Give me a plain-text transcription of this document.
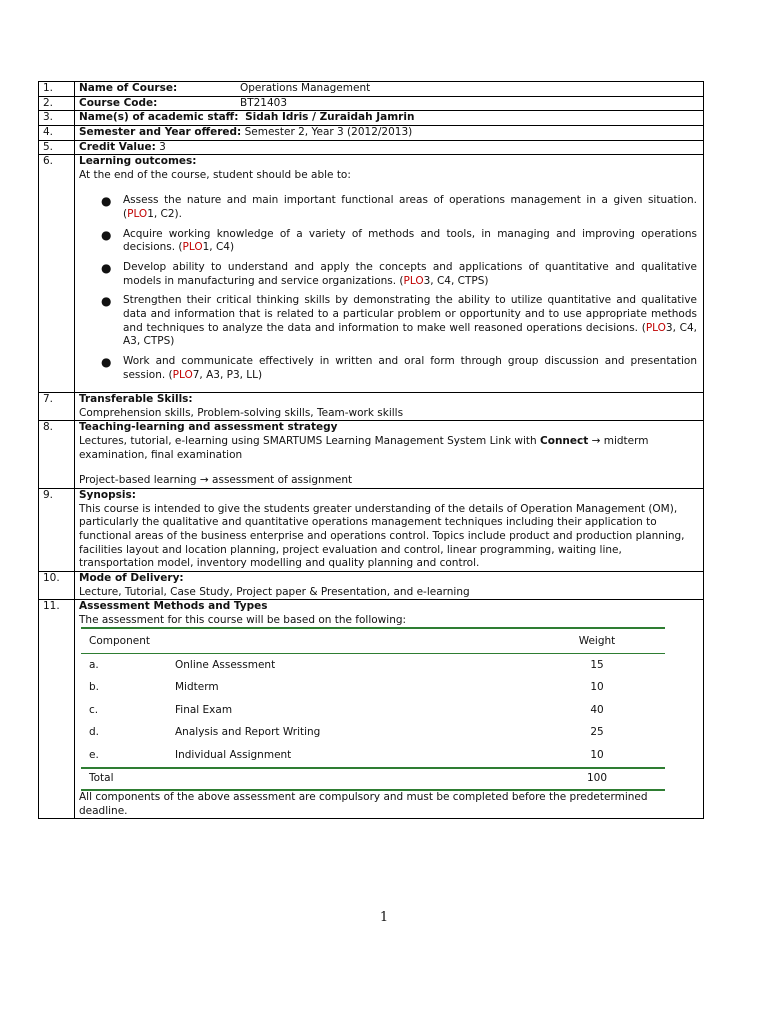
1.	Name of Course:	Operations Management

2.	Course Code:	BT21403

3.	Name(s) of academic staff: Sidah Idris / Zuraidah Jamrin
4.	Semester and Year offered: Semester 2, Year 3 (2012/2013)
5.	Credit Value: 3
6.	Learning outcomes:
At the end of the course, student should be able to:
● Assess the nature and main important functional areas of operations management in a given situation. (PLO1, C2).
● Acquire working knowledge of a variety of methods and tools, in managing and improving operations decisions. (PLO1, C4)
● Develop ability to understand and apply the concepts and applications of quantitative and qualitative models in manufacturing and service organizations. (PLO3, C4, CTPS)
● Strengthen their critical thinking skills by demonstrating the ability to utilize quantitative and qualitative data and information that is related to a particular problem or opportunity and to use appropriate methods and techniques to analyze the data and information to make well reasoned operations decisions. (PLO3, C4, A3, CTPS)
● Work and communicate effectively in written and oral form through group discussion and presentation session. (PLO7, A3, P3, LL)

7.	Transferable Skills:
Comprehension skills, Problem-solving skills, Team-work skills

8.	Teaching-learning and assessment strategy
Lectures, tutorial, e-learning using SMARTUMS Learning Management System Link with Connect → midterm examination, final examination
Project-based learning → assessment of assignment

9.	Synopsis:
This course is intended to give the students greater understanding of the details of Operation Management (OM), particularly the qualitative and quantitative operations management techniques including their application to functional areas of the business enterprise and operations control. Topics include product and production planning, facilities layout and location planning, project evaluation and control, linear programming, waiting line, transportation model, inventory modelling and quality planning and control.

10.	Mode of Delivery:
Lecture, Tutorial, Case Study, Project paper & Presentation, and e-learning

11.	Assessment Methods and Types
The assessment for this course will be based on the following:
Component	Weight
a.	Online Assessment	15
b.	Midterm	10
c.	Final Exam	40
d.	Analysis and Report Writing	25
e.	Individual Assignment	10
Total	100
All components of the above assessment are compulsory and must be completed before the predetermined deadline.
1
